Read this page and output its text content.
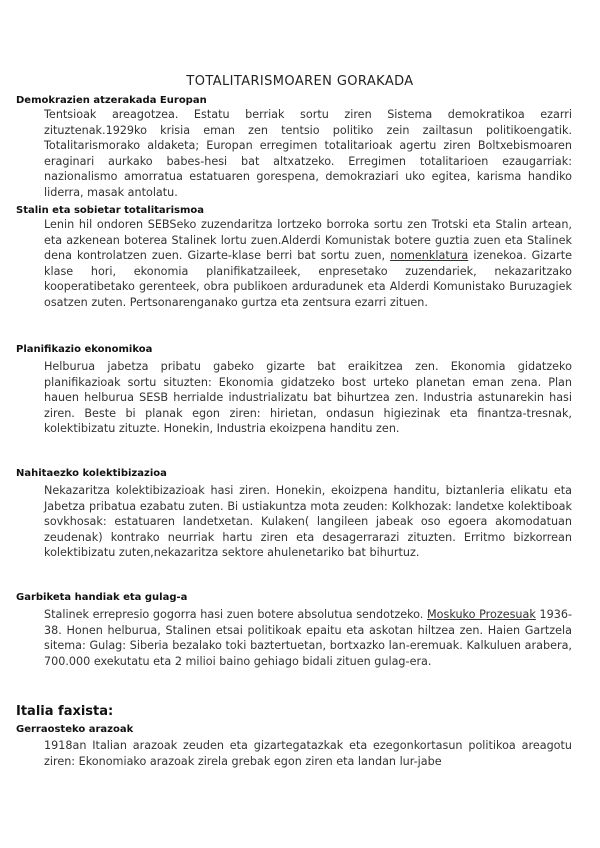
TOTALITARISMOAREN GORAKADA
Demokrazien atzerakada Europan
Tentsioak areagotzea. Estatu berriak sortu ziren Sistema demokratikoa ezarri zituztenak.1929ko krisia eman zen tentsio politiko zein zailtasun politikoengatik. Totalitarismorako aldaketa; Europan erregimen totalitarioak agertu ziren Boltxebismoaren eraginari aurkako babes-hesi bat altxatzeko. Erregimen totalitarioen ezaugarriak: nazionalismo amorratua estatuaren gorespena, demokraziari uko egitea, karisma handiko liderra, masak antolatu.
Stalin eta sobietar totalitarismoa
Lenin hil ondoren SEBSeko zuzendaritza lortzeko borroka sortu zen Trotski eta Stalin artean, eta azkenean boterea Stalinek lortu zuen.Alderdi Komunistak botere guztia zuen eta Stalinek dena kontrolatzen zuen. Gizarte-klase berri bat sortu zuen, nomenklatura izenekoa. Gizarte klase hori, ekonomia planifikatzaileek, enpresetako zuzendariek, nekazaritzako kooperatibetako gerenteek, obra publikoen arduradunek eta Alderdi Komunistako Buruzagiek osatzen zuten. Pertsonarenganako gurtza eta zentsura ezarri zituen.
Planifikazio ekonomikoa
Helburua jabetza pribatu gabeko gizarte bat eraikitzea zen. Ekonomia gidatzeko planifikazioak sortu situzten: Ekonomia gidatzeko bost urteko planetan eman zena. Plan hauen helburua SESB herrialde industrializatu bat bihurtzea zen. Industria astunarekin hasi ziren. Beste bi planak egon ziren: hirietan, ondasun higiezinak eta finantza-tresnak, kolektibizatu zituzte. Honekin, Industria ekoizpena handitu zen.
Nahitaezko kolektibizazioa
Nekazaritza kolektibizazioak hasi ziren. Honekin, ekoizpena handitu, biztanleria elikatu eta Jabetza pribatua ezabatu zuten. Bi ustiakuntza mota zeuden: Kolkhozak: landetxe kolektiboak sovkhosak: estatuaren landetxetan. Kulaken( langileen jabeak oso egoera akomodatuan zeudenak) kontrako neurriak hartu ziren eta desagerrarazi zituzten. Erritmo bizkorrean kolektibizatu zuten,nekazaritza sektore ahulenetariko bat bihurtuz.
Garbiketa handiak eta gulag-a
Stalinek errepresio gogorra hasi zuen botere absolutua sendotzeko. Moskuko Prozesuak 1936-38. Honen helburua, Stalinen etsai politikoak epaitu eta askotan hiltzea zen. Haien Gartzela sitema: Gulag: Siberia bezalako toki baztertuetan, bortxazko lan-eremuak. Kalkuluen arabera, 700.000 exekutatu eta 2 milioi baino gehiago bidali zituen gulag-era.
Italia faxista:
Gerraosteko arazoak
1918an Italian arazoak zeuden eta gizartegatazkak eta ezegonkortasun politikoa areagotu ziren: Ekonomiako arazoak zirela grebak egon ziren eta landan lur-jabe
